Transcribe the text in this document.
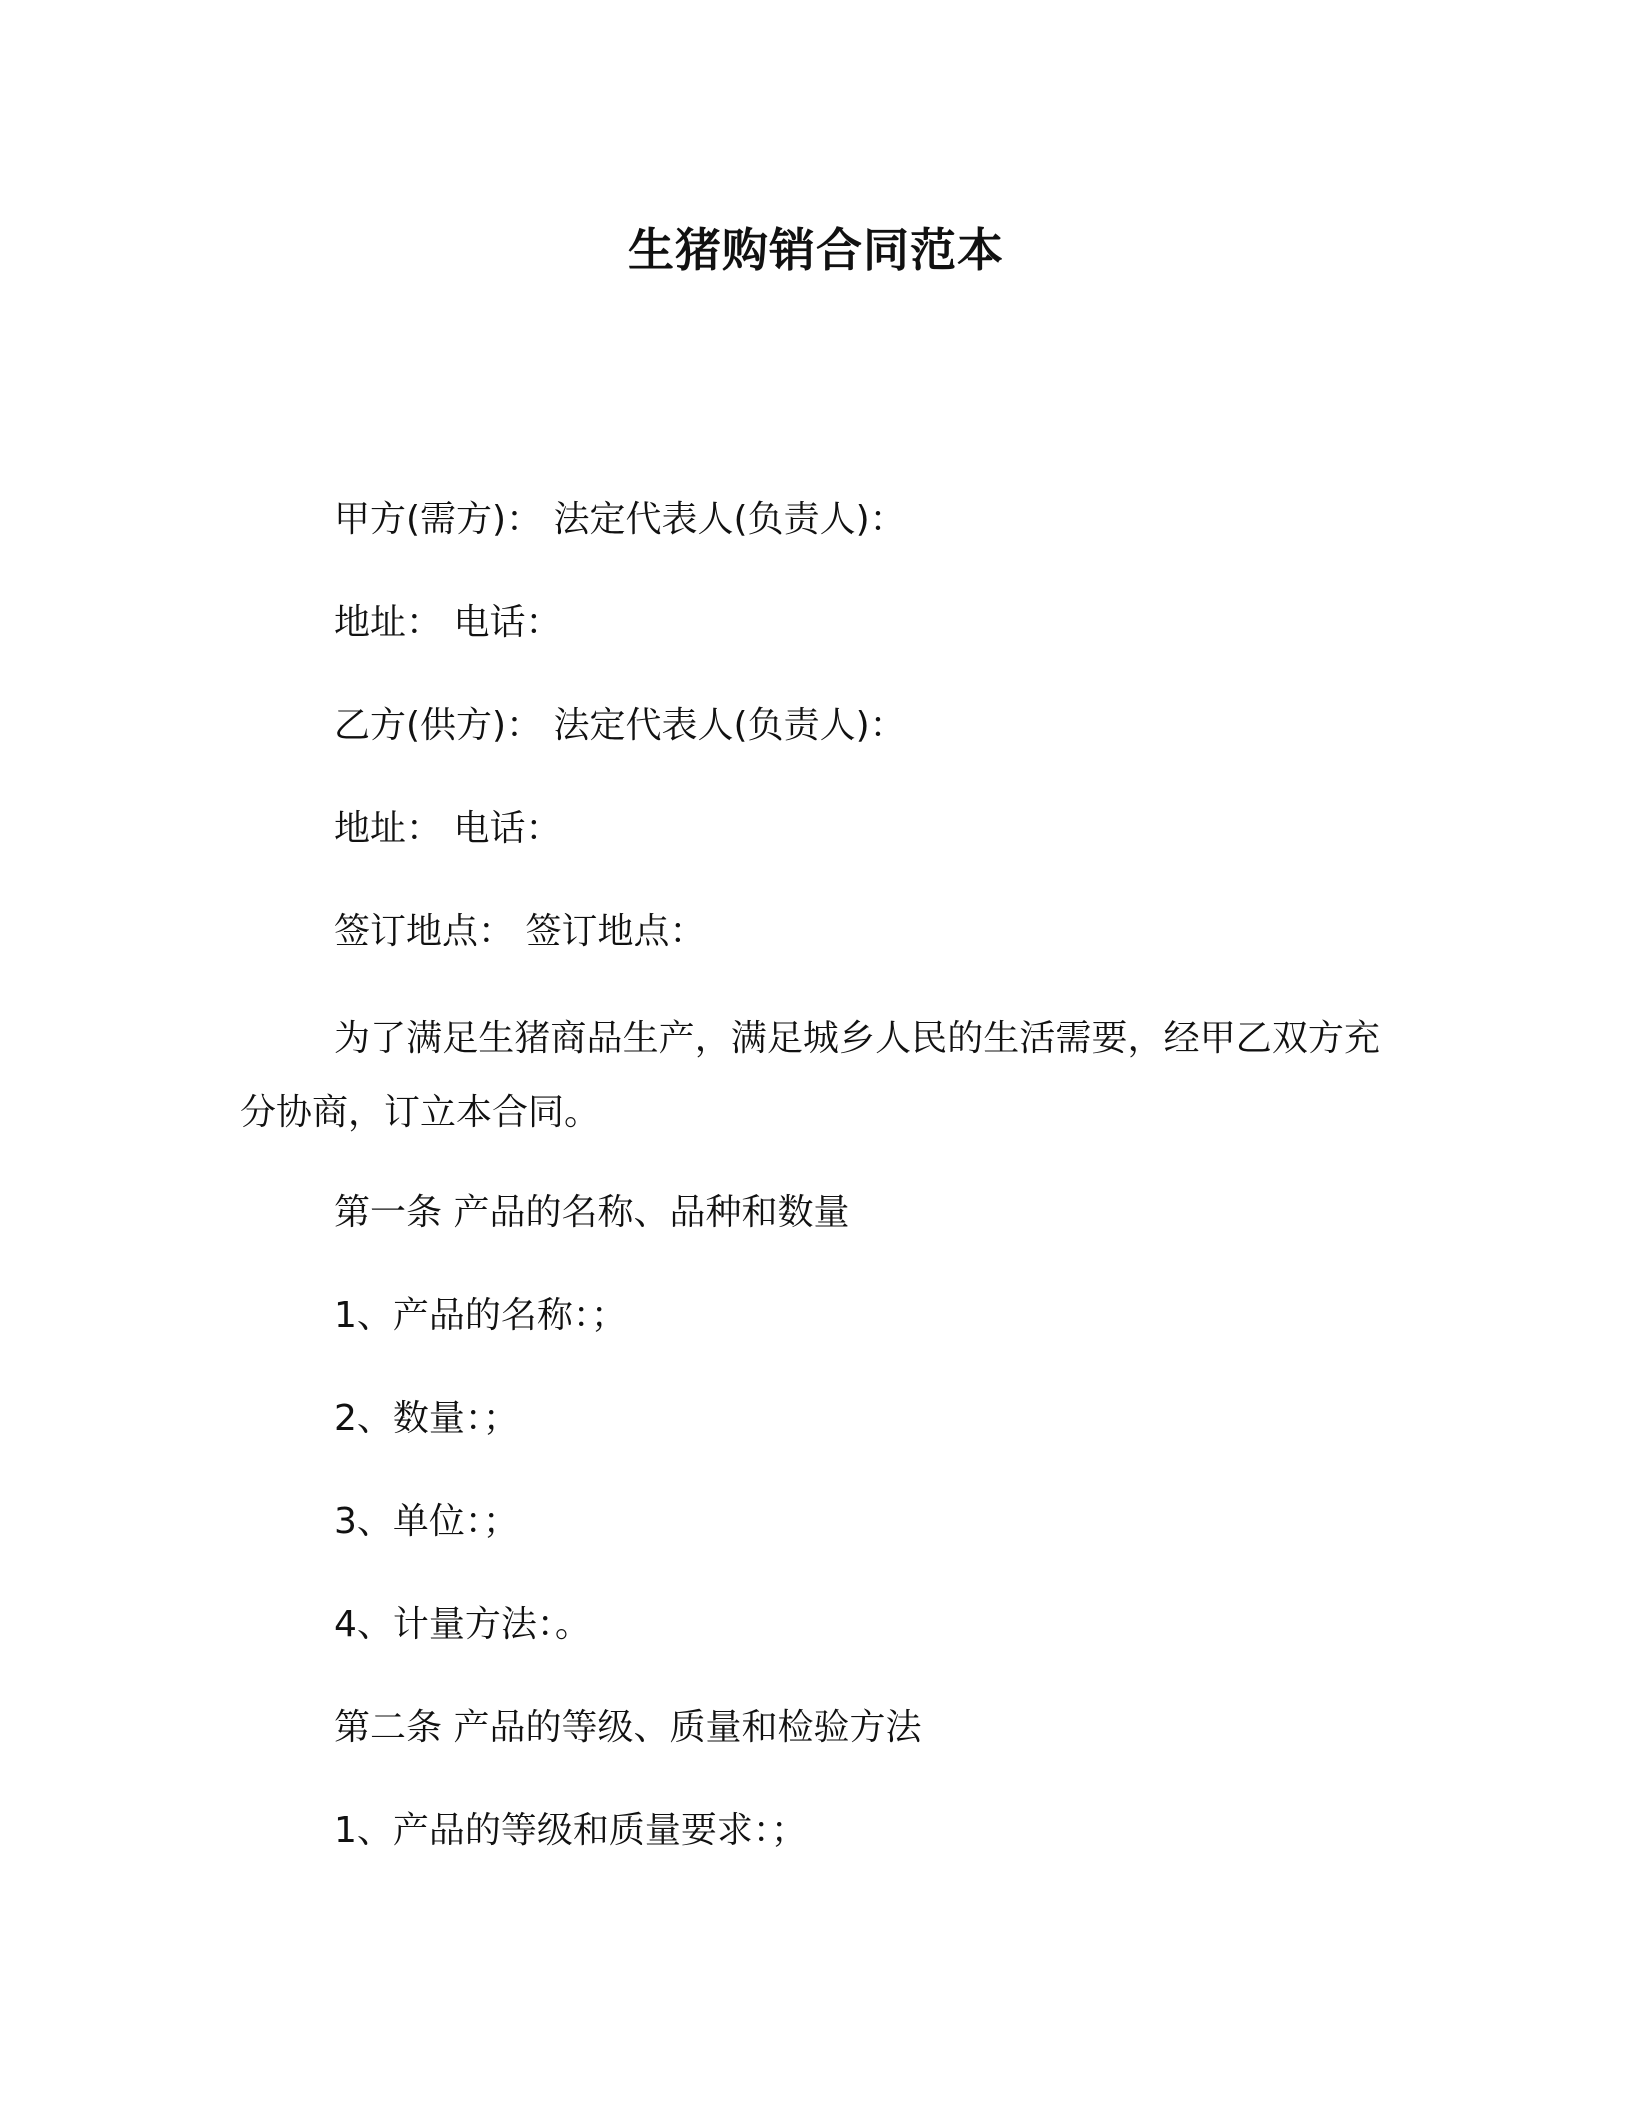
生猪购销合同范本
甲方(需方)： 法定代表人(负责人)：
地址： 电话：
乙方(供方)： 法定代表人(负责人)：
地址： 电话：
签订地点： 签订地点：
为了满足生猪商品生产，满足城乡人民的生活需要，经甲乙双方充分协商，订立本合同。
第一条 产品的名称、品种和数量
1、产品的名称：；
2、数量：；
3、单位：；
4、计量方法：。
第二条 产品的等级、质量和检验方法
1、产品的等级和质量要求：；
